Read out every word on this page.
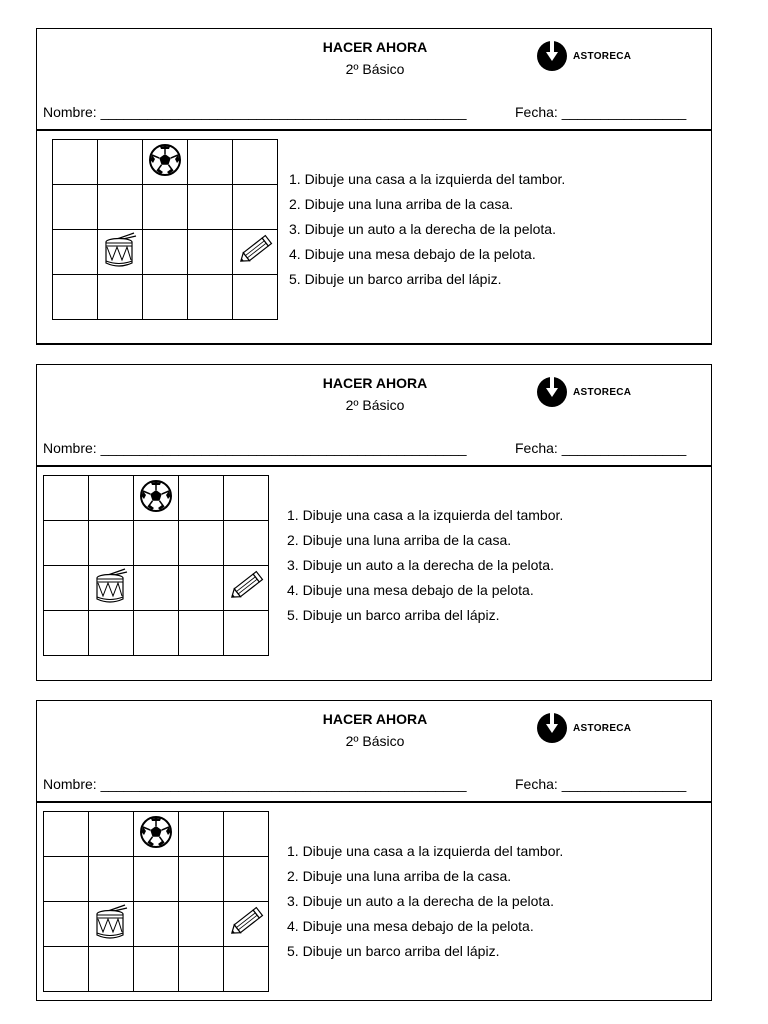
HACER AHORA
2º Básico
ASTORECA
Nombre: _______________________________________________	Fecha: ________________
1. Dibuje una casa a la izquierda del tambor.
2. Dibuje una luna arriba de la casa.
3. Dibuje un auto a la derecha de la pelota.
4. Dibuje una mesa debajo de la pelota.
5. Dibuje un barco arriba del lápiz.
HACER AHORA
2º Básico
ASTORECA
Nombre: _______________________________________________	Fecha: ________________
1. Dibuje una casa a la izquierda del tambor.
2. Dibuje una luna arriba de la casa.
3. Dibuje un auto a la derecha de la pelota.
4. Dibuje una mesa debajo de la pelota.
5. Dibuje un barco arriba del lápiz.
HACER AHORA
2º Básico
ASTORECA
Nombre: _______________________________________________	Fecha: ________________
1. Dibuje una casa a la izquierda del tambor.
2. Dibuje una luna arriba de la casa.
3. Dibuje un auto a la derecha de la pelota.
4. Dibuje una mesa debajo de la pelota.
5. Dibuje un barco arriba del lápiz.
